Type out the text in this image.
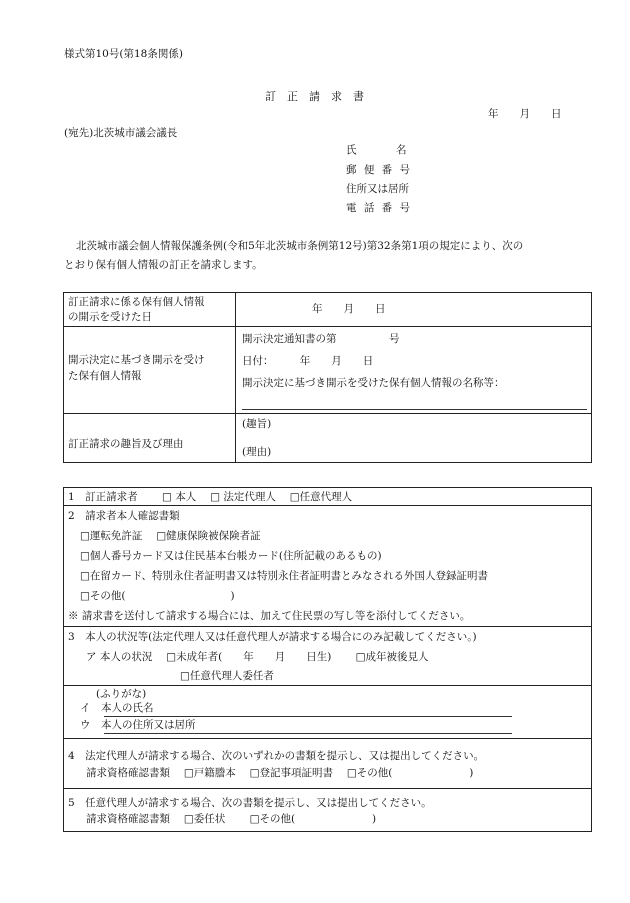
様式第10号(第18条関係)
訂　正　請　求　書
年　　月　　日
(宛先)北茨城市議会議長
氏　　　名
郵 便 番 号
住所又は居所
電 話 番 号
北茨城市議会個人情報保護条例(令和5年北茨城市条例第12号)第32条第1項の規定により、次の
とおり保有個人情報の訂正を請求します。
訂正請求に係る保有個人情報
の開示を受けた日
年　　月　　日
開示決定に基づき開示を受け
た保有個人情報
開示決定通知書の第　　　　　号
日付：　　　年　　月　　日
開示決定に基づき開示を受けた保有個人情報の名称等：
訂正請求の趣旨及び理由
(趣旨)
(理由)
1　訂正請求者　　 □ 本人　 □ 法定代理人　 □任意代理人
2　請求者本人確認書類
□運転免許証　 □健康保険被保険者証
□個人番号カード又は住民基本台帳カード(住所記載のあるもの)
□在留カード、特別永住者証明書又は特別永住者証明書とみなされる外国人登録証明書
□その他(　　　　　　　　　　)
※ 請求書を送付して請求する場合には、加えて住民票の写し等を添付してください。
3　本人の状況等(法定代理人又は任意代理人が請求する場合にのみ記載してください。)
ア 本人の状況　 □未成年者(　　年　　月　　日生)　　 □成年被後見人
□任意代理人委任者
(ふりがな)
イ　本人の氏名
ウ　本人の住所又は居所
4　法定代理人が請求する場合、次のいずれかの書類を提示し、又は提出してください。
請求資格確認書類　 □戸籍謄本　 □登記事項証明書　 □その他(　　　　　　　 )
5　任意代理人が請求する場合、次の書類を提示し、又は提出してください。
請求資格確認書類　 □委任状　　 □その他(　　　　　　　 )
